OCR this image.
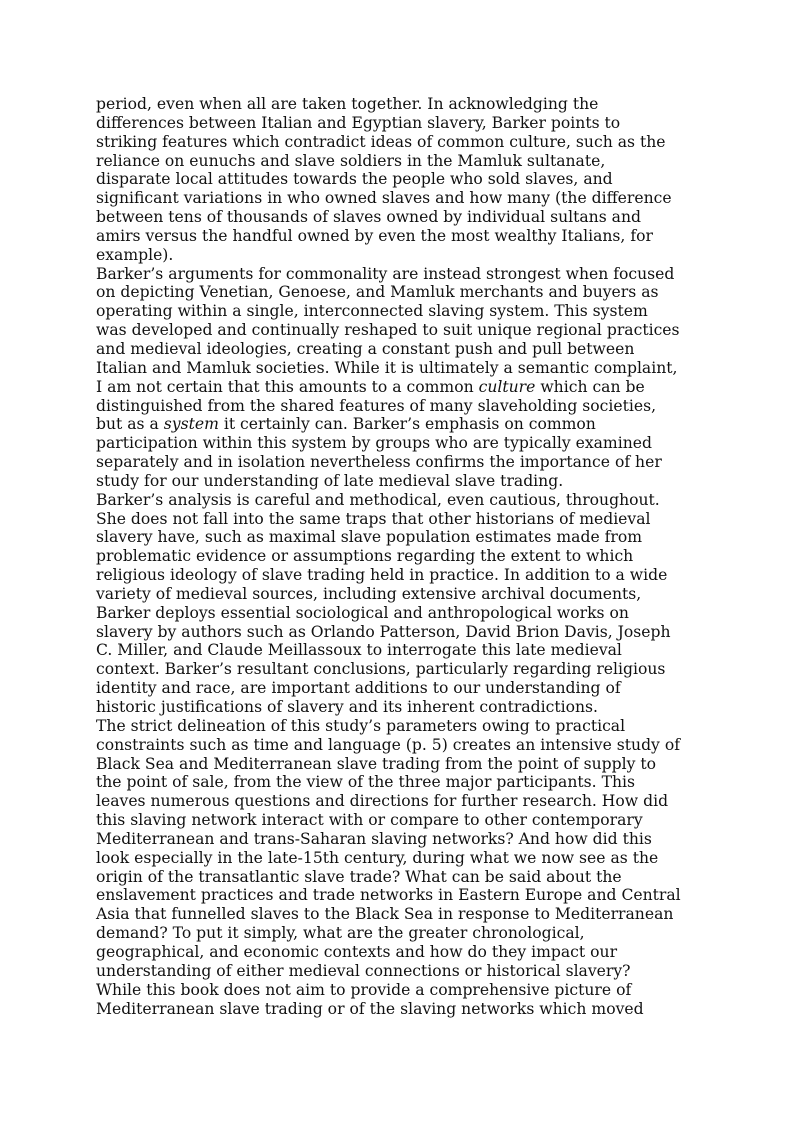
period, even when all are taken together. In acknowledging the
differences between Italian and Egyptian slavery, Barker points to
striking features which contradict ideas of common culture, such as the
reliance on eunuchs and slave soldiers in the Mamluk sultanate,
disparate local attitudes towards the people who sold slaves, and
significant variations in who owned slaves and how many (the difference
between tens of thousands of slaves owned by individual sultans and
amirs versus the handful owned by even the most wealthy Italians, for
example).
Barker’s arguments for commonality are instead strongest when focused
on depicting Venetian, Genoese, and Mamluk merchants and buyers as
operating within a single, interconnected slaving system. This system
was developed and continually reshaped to suit unique regional practices
and medieval ideologies, creating a constant push and pull between
Italian and Mamluk societies. While it is ultimately a semantic complaint,
I am not certain that this amounts to a common culture which can be
distinguished from the shared features of many slaveholding societies,
but as a system it certainly can. Barker’s emphasis on common
participation within this system by groups who are typically examined
separately and in isolation nevertheless confirms the importance of her
study for our understanding of late medieval slave trading.
Barker’s analysis is careful and methodical, even cautious, throughout.
She does not fall into the same traps that other historians of medieval
slavery have, such as maximal slave population estimates made from
problematic evidence or assumptions regarding the extent to which
religious ideology of slave trading held in practice. In addition to a wide
variety of medieval sources, including extensive archival documents,
Barker deploys essential sociological and anthropological works on
slavery by authors such as Orlando Patterson, David Brion Davis, Joseph
C. Miller, and Claude Meillassoux to interrogate this late medieval
context. Barker’s resultant conclusions, particularly regarding religious
identity and race, are important additions to our understanding of
historic justifications of slavery and its inherent contradictions.
The strict delineation of this study’s parameters owing to practical
constraints such as time and language (p. 5) creates an intensive study of
Black Sea and Mediterranean slave trading from the point of supply to
the point of sale, from the view of the three major participants. This
leaves numerous questions and directions for further research. How did
this slaving network interact with or compare to other contemporary
Mediterranean and trans-Saharan slaving networks? And how did this
look especially in the late-15th century, during what we now see as the
origin of the transatlantic slave trade? What can be said about the
enslavement practices and trade networks in Eastern Europe and Central
Asia that funnelled slaves to the Black Sea in response to Mediterranean
demand? To put it simply, what are the greater chronological,
geographical, and economic contexts and how do they impact our
understanding of either medieval connections or historical slavery?
While this book does not aim to provide a comprehensive picture of
Mediterranean slave trading or of the slaving networks which moved
